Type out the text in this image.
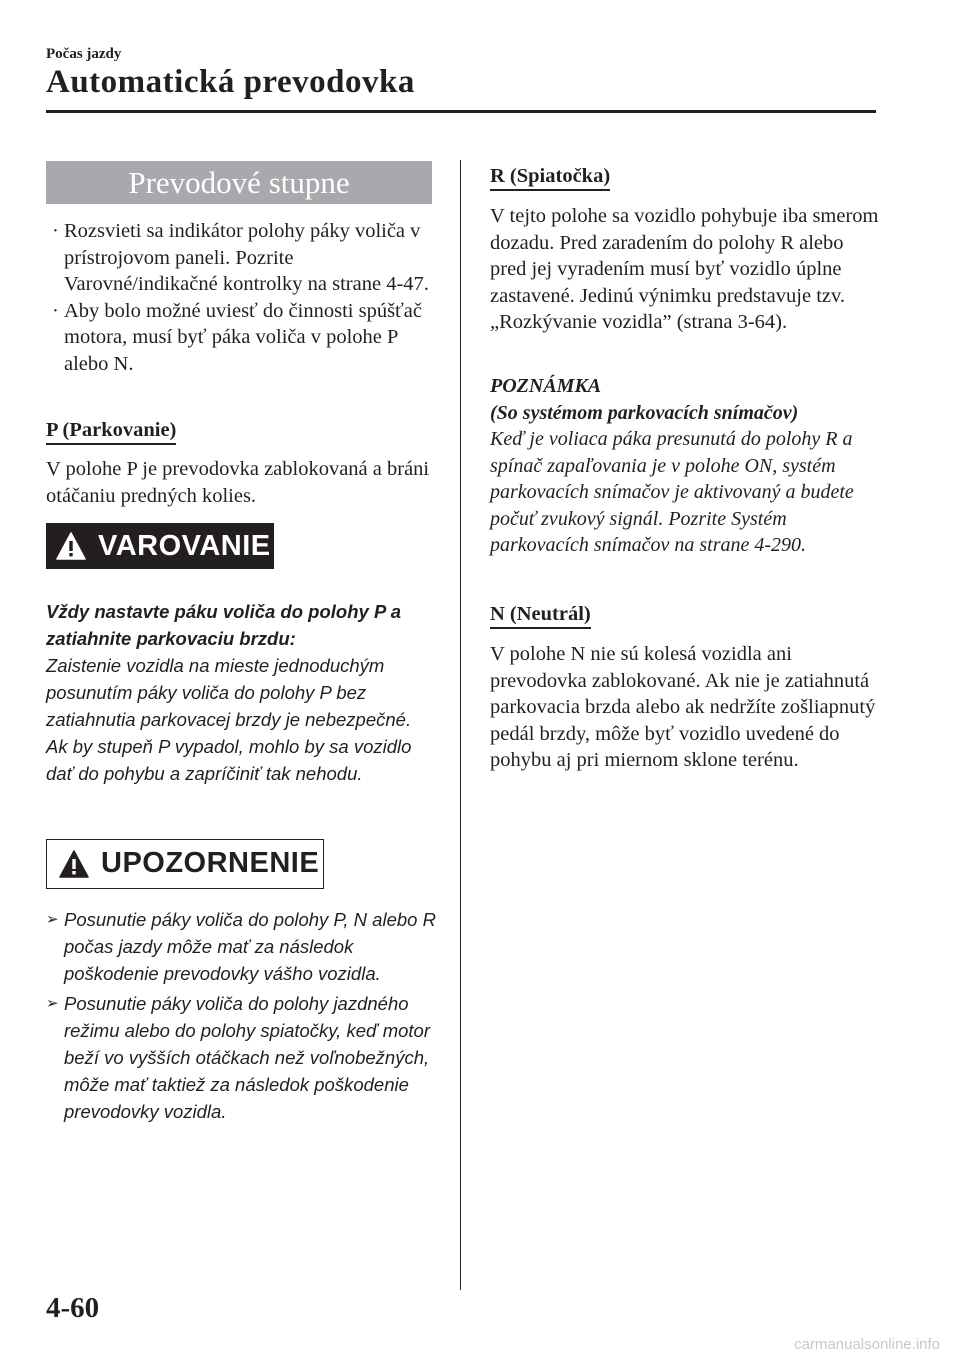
Počas jazdy
Automatická prevodovka
Prevodové stupne
· Rozsvieti sa indikátor polohy páky voliča v prístrojovom paneli. Pozrite Varovné/indikačné kontrolky na strane 4-47.
· Aby bolo možné uviesť do činnosti spúšťač motora, musí byť páka voliča v polohe P alebo N.
P (Parkovanie)
V polohe P je prevodovka zablokovaná a bráni otáčaniu predných kolies.
VAROVANIE
Vždy nastavte páku voliča do polohy P a zatiahnite parkovaciu brzdu:
Zaistenie vozidla na mieste jednoduchým posunutím páky voliča do polohy P bez zatiahnutia parkovacej brzdy je nebezpečné. Ak by stupeň P vypadol, mohlo by sa vozidlo dať do pohybu a zapríčiniť tak nehodu.
UPOZORNENIE
➢ Posunutie páky voliča do polohy P, N alebo R počas jazdy môže mať za následok poškodenie prevodovky vášho vozidla.
➢ Posunutie páky voliča do polohy jazdného režimu alebo do polohy spiatočky, keď motor beží vo vyšších otáčkach než voľnobežných, môže mať taktiež za následok poškodenie prevodovky vozidla.
R (Spiatočka)
V tejto polohe sa vozidlo pohybuje iba smerom dozadu. Pred zaradením do polohy R alebo pred jej vyradením musí byť vozidlo úplne zastavené. Jedinú výnimku predstavuje tzv. „Rozkývanie vozidla” (strana 3-64).
POZNÁMKA
(So systémom parkovacích snímačov)
Keď je voliaca páka presunutá do polohy R a spínač zapaľovania je v polohe ON, systém parkovacích snímačov je aktivovaný a budete počuť zvukový signál. Pozrite Systém parkovacích snímačov na strane 4-290.
N (Neutrál)
V polohe N nie sú kolesá vozidla ani prevodovka zablokované. Ak nie je zatiahnutá parkovacia brzda alebo ak nedržíte zošliapnutý pedál brzdy, môže byť vozidlo uvedené do pohybu aj pri miernom sklone terénu.
4-60
carmanualsonline.info
